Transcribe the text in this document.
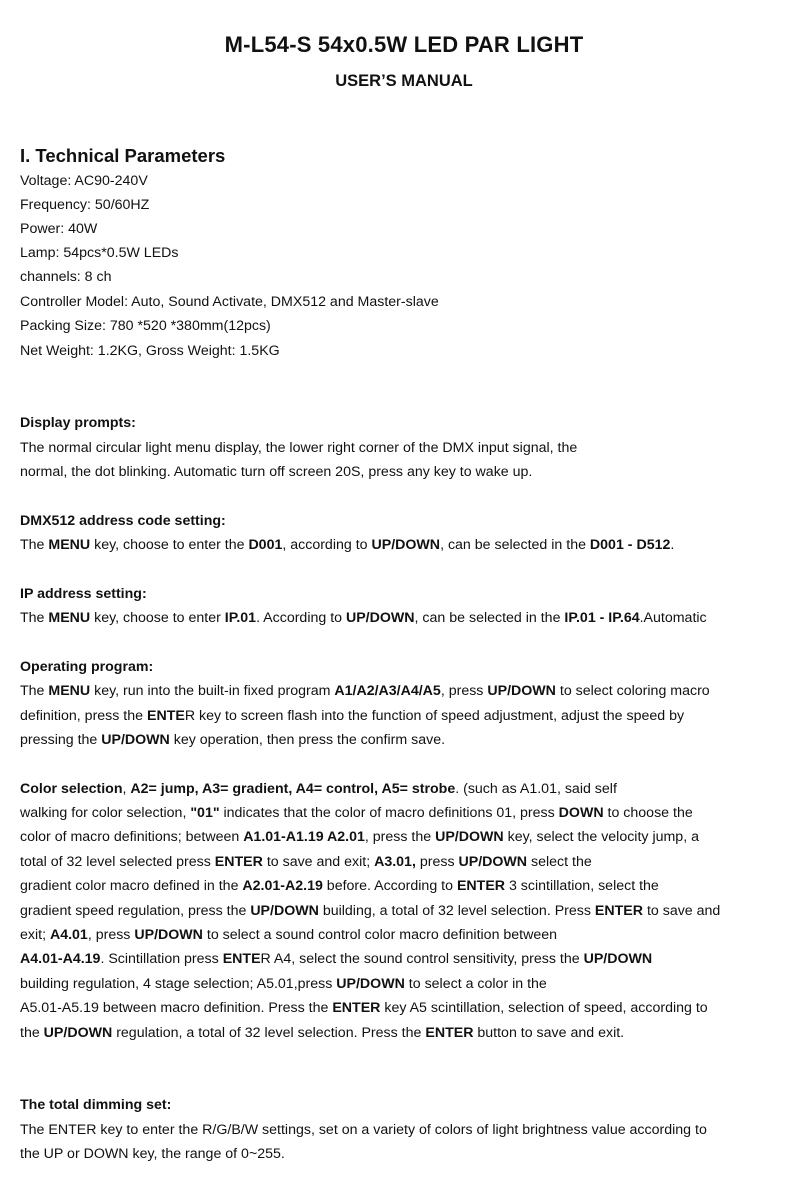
M-L54-S 54x0.5W LED PAR LIGHT
USER’S MANUAL
I. Technical Parameters

Voltage: AC90-240V

Frequency: 50/60HZ

Power: 40W

Lamp: 54pcs*0.5W LEDs

channels: 8 ch

Controller Model: Auto, Sound Activate, DMX512 and Master-slave

Packing Size: 780 *520 *380mm(12pcs)

Net Weight: 1.2KG, Gross Weight: 1.5KG

Display prompts:

The normal circular light menu display, the lower right corner of the DMX input signal, the

normal, the dot blinking. Automatic turn off screen 20S, press any key to wake up.

DMX512 address code setting:

The MENU key, choose to enter the D001, according to UP/DOWN, can be selected in the D001 - D512.

IP address setting:

The MENU key, choose to enter IP.01. According to UP/DOWN, can be selected in the IP.01 - IP.64.Automatic

Operating program:

The MENU key, run into the built-in fixed program A1/A2/A3/A4/A5, press UP/DOWN to select coloring macro

definition, press the ENTER key to screen flash into the function of speed adjustment, adjust the speed by

pressing the UP/DOWN key operation, then press the confirm save.

Color selection, A2= jump, A3= gradient, A4= control, A5= strobe. (such as A1.01, said self

walking for color selection, "01" indicates that the color of macro definitions 01, press DOWN to choose the

color of macro definitions; between A1.01-A1.19 A2.01, press the UP/DOWN key, select the velocity jump, a

total of 32 level selected press ENTER to save and exit; A3.01, press UP/DOWN select the

gradient color macro defined in the A2.01-A2.19 before. According to ENTER 3 scintillation, select the

gradient speed regulation, press the UP/DOWN building, a total of 32 level selection. Press ENTER to save and

exit; A4.01, press UP/DOWN to select a sound control color macro definition between

A4.01-A4.19. Scintillation press ENTER A4, select the sound control sensitivity, press the UP/DOWN

building regulation, 4 stage selection; A5.01,press UP/DOWN to select a color in the

A5.01-A5.19 between macro definition. Press the ENTER key A5 scintillation, selection of speed, according to

the UP/DOWN regulation, a total of 32 level selection. Press the ENTER button to save and exit.

The total dimming set:

The ENTER key to enter the R/G/B/W settings, set on a variety of colors of light brightness value according to

the UP or DOWN key, the range of 0~255.
